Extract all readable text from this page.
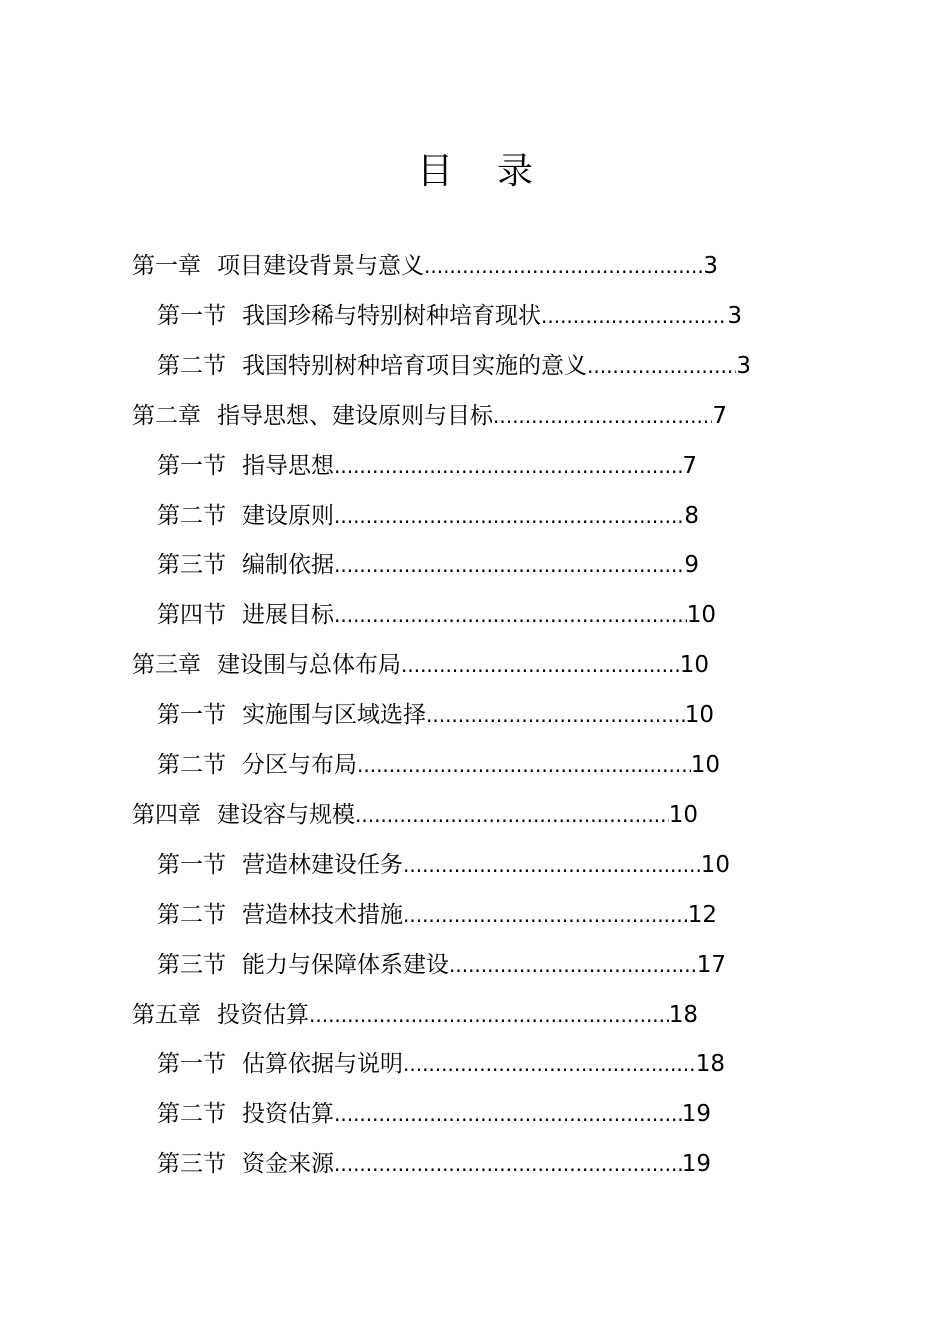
目 录
第一章 项目建设背景与意义 .....	3
第一节 我国珍稀与特别树种培育现状 .....	3
第二节 我国特别树种培育项目实施的意义 .....	3
第二章 指导思想、建设原则与目标 .....	7
第一节 指导思想 .....	7
第二节 建设原则 .....	8
第三节 编制依据 .....	9
第四节 进展目标 .....	10
第三章 建设围与总体布局 .....	10
第一节 实施围与区域选择 .....	10
第二节 分区与布局 .....	10
第四章 建设容与规模 .....	10
第一节 营造林建设任务 .....	10
第二节 营造林技术措施 .....	12
第三节 能力与保障体系建设 .....	17
第五章 投资估算 .....	18
第一节 估算依据与说明 .....	18
第二节 投资估算 .....	19
第三节 资金来源 .....	19
